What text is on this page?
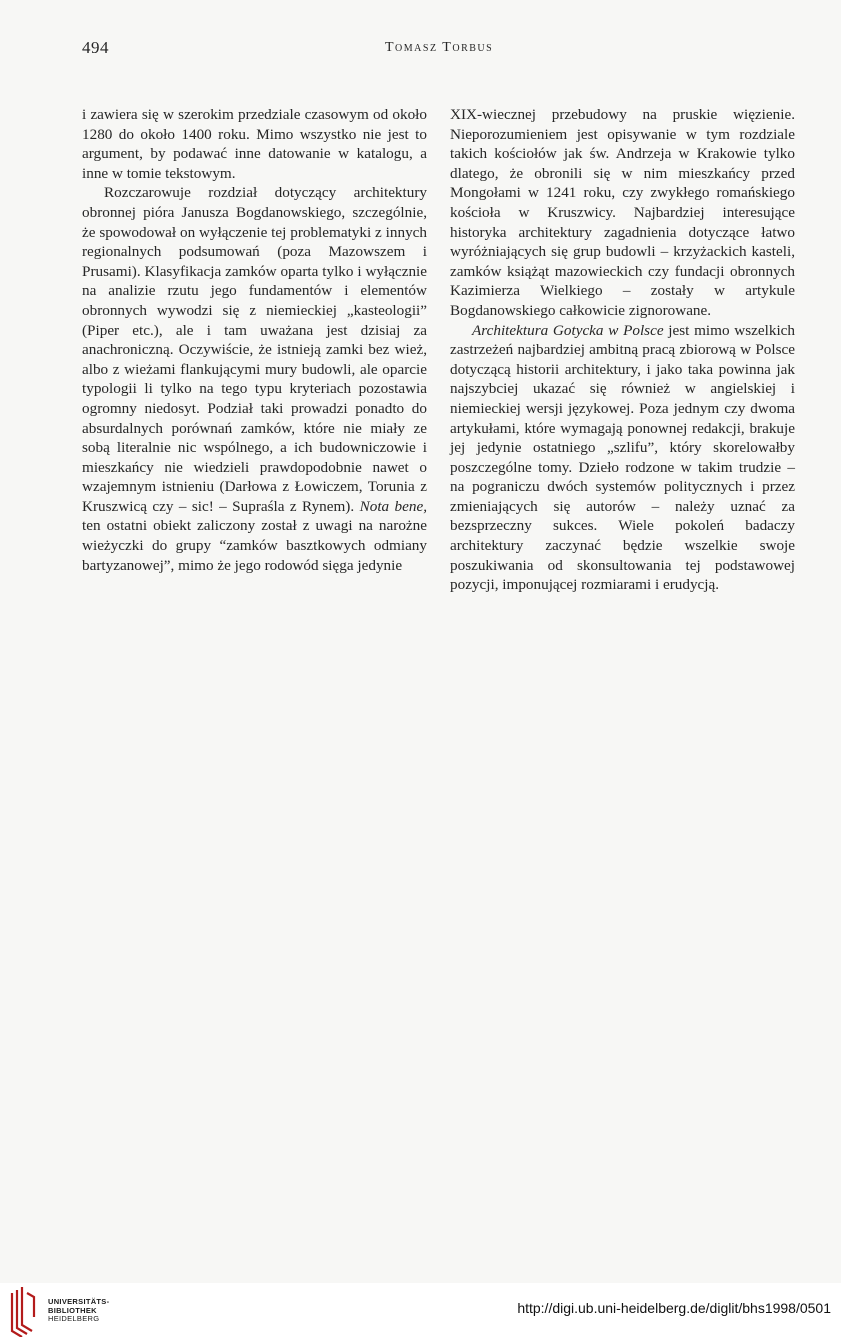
494	Tomasz Torbus

i zawiera się w szerokim przedziale czasowym od około 1280 do około 1400 roku. Mimo wszystko nie jest to argument, by podawać inne datowanie w katalogu, a inne w tomie tekstowym.

Rozczarowuje rozdział dotyczący architektury obronnej pióra Janusza Bogdanowskiego, szczególnie, że spowodował on wyłączenie tej problematyki z innych regionalnych podsumowań (poza Mazowszem i Prusami). Klasyfikacja zamków oparta tylko i wyłącznie na analizie rzutu jego fundamentów i elementów obronnych wywodzi się z niemieckiej „kasteologii” (Piper etc.), ale i tam uważana jest dzisiaj za anachroniczną. Oczywiście, że istnieją zamki bez wież, albo z wieżami flankującymi mury budowli, ale oparcie typologii li tylko na tego typu kryteriach pozostawia ogromny niedosyt. Podział taki prowadzi ponadto do absurdalnych porównań zamków, które nie miały ze sobą literalnie nic wspólnego, a ich budowniczowie i mieszkańcy nie wiedzieli prawdopodobnie nawet o wzajemnym istnieniu (Darłowa z Łowiczem, Torunia z Kruszwicą czy – sic! – Supraśla z Rynem). Nota bene, ten ostatni obiekt zaliczony został z uwagi na narożne wieżyczki do grupy “zamków basztkowych odmiany bartyzanowej”, mimo że jego rodowód sięga jedynie

XIX-wiecznej przebudowy na pruskie więzienie. Nieporozumieniem jest opisywanie w tym rozdziale takich kościołów jak św. Andrzeja w Krakowie tylko dlatego, że obronili się w nim mieszkańcy przed Mongołami w 1241 roku, czy zwykłego romańskiego kościoła w Kruszwicy. Najbardziej interesujące historyka architektury zagadnienia dotyczące łatwo wyróżniających się grup budowli – krzyżackich kasteli, zamków książąt mazowieckich czy fundacji obronnych Kazimierza Wielkiego – zostały w artykule Bogdanowskiego całkowicie zignorowane.

Architektura Gotycka w Polsce jest mimo wszelkich zastrzeżeń najbardziej ambitną pracą zbiorową w Polsce dotyczącą historii architektury, i jako taka powinna jak najszybciej ukazać się również w angielskiej i niemieckiej wersji językowej. Poza jednym czy dwoma artykułami, które wymagają ponownej redakcji, brakuje jej jedynie ostatniego „szlifu”, który skorelowałby poszczególne tomy. Dzieło rodzone w takim trudzie – na pograniczu dwóch systemów politycznych i przez zmieniających się autorów – należy uznać za bezsprzeczny sukces. Wiele pokoleń badaczy architektury zaczynać będzie wszelkie swoje poszukiwania od skonsultowania tej podstawowej pozycji, imponującej rozmiarami i erudycją.

UNIVERSITÄTS-
BIBLIOTHEK
HEIDELBERG
http://digi.ub.uni-heidelberg.de/diglit/bhs1998/0501
